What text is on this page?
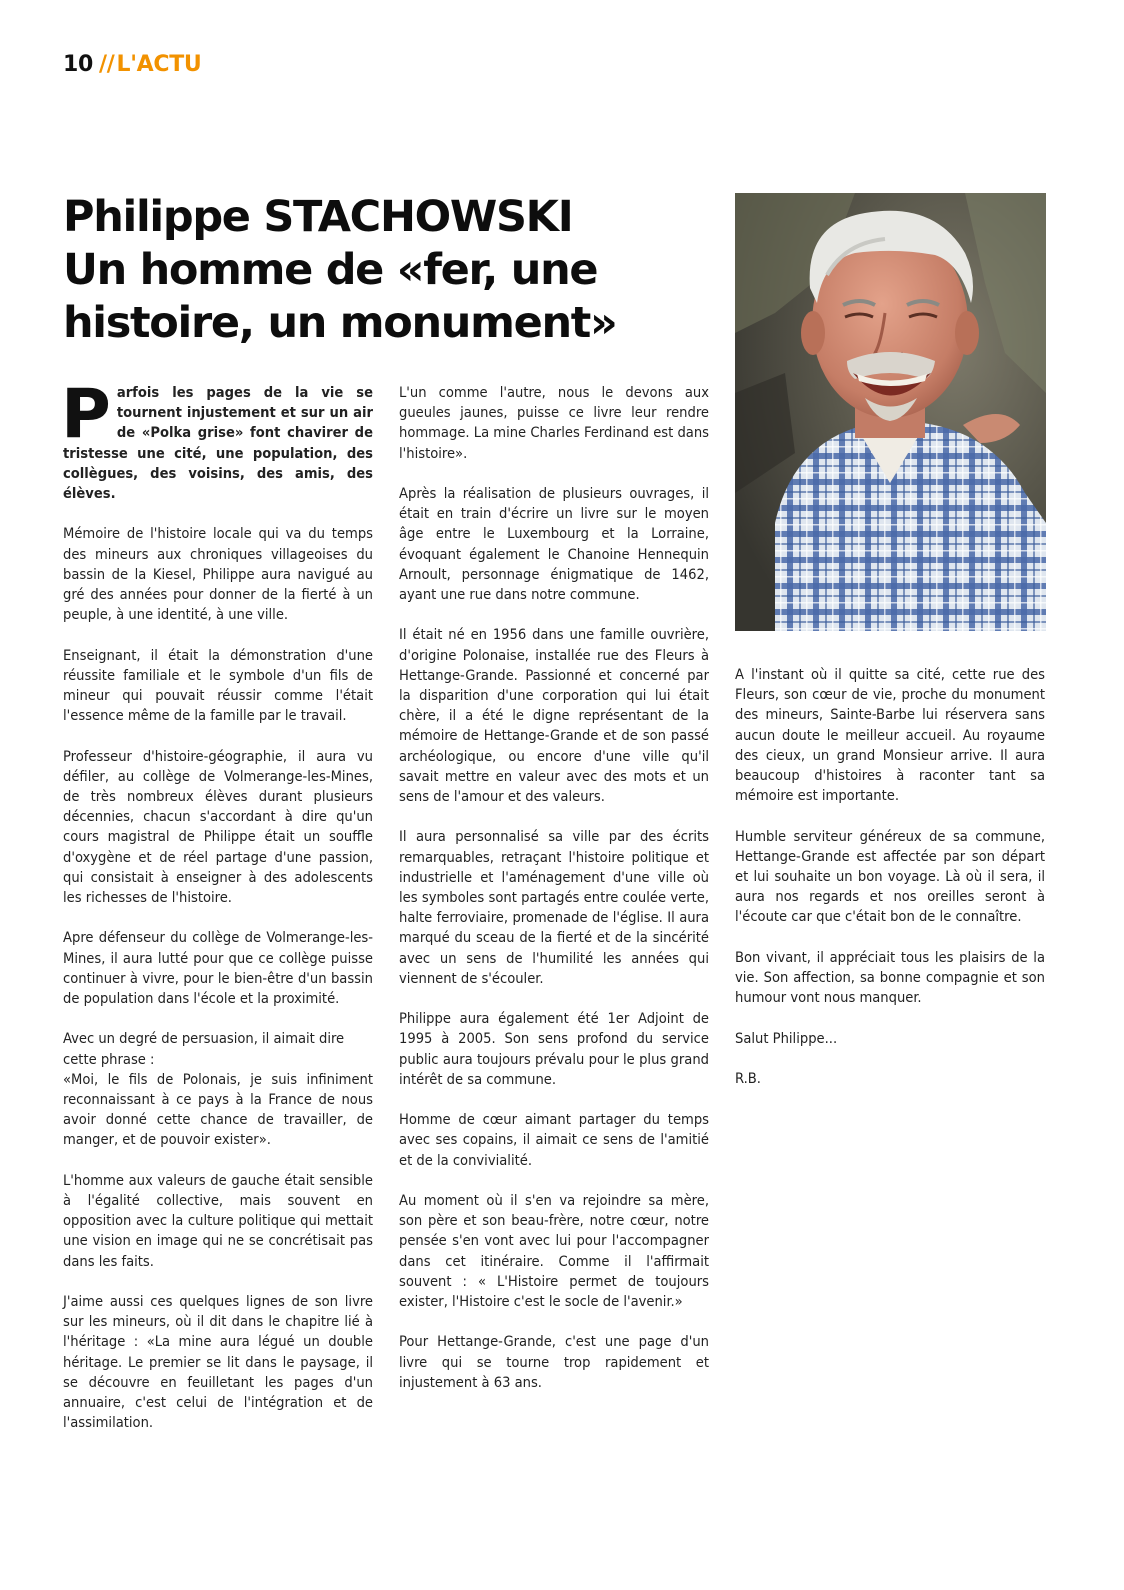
10 //L'ACTU
Philippe STACHOWSKI
Un homme de «fer, une
histoire, un monument»

Parfois les pages de la vie se tournent injustement et sur un air de «Polka grise» font chavirer de tristesse une cité, une population, des collègues, des voisins, des amis, des élèves.

Mémoire de l'histoire locale qui va du temps des mineurs aux chroniques villageoises du bassin de la Kiesel, Philippe aura navigué au gré des années pour donner de la fierté à un peuple, à une identité, à une ville.

Enseignant, il était la démonstration d'une réussite familiale et le symbole d'un fils de mineur qui pouvait réussir comme l'était l'essence même de la famille par le travail.

Professeur d'histoire-géographie, il aura vu défiler, au collège de Volmerange-les-Mines, de très nombreux élèves durant plusieurs décennies, chacun s'accordant à dire qu'un cours magistral de Philippe était un souffle d'oxygène et de réel partage d'une passion, qui consistait à enseigner à des adolescents les richesses de l'histoire.

Apre défenseur du collège de Volmerange-les-Mines, il aura lutté pour que ce collège puisse continuer à vivre, pour le bien-être d'un bassin de population dans l'école et la proximité.

Avec un degré de persuasion, il aimait dire cette phrase :

«Moi, le fils de Polonais, je suis infiniment reconnaissant à ce pays à la France de nous avoir donné cette chance de travailler, de manger, et de pouvoir exister».

L'homme aux valeurs de gauche était sensible à l'égalité collective, mais souvent en opposition avec la culture politique qui mettait une vision en image qui ne se concrétisait pas dans les faits.

J'aime aussi ces quelques lignes de son livre sur les mineurs, où il dit dans le chapitre lié à l'héritage : «La mine aura légué un double héritage. Le premier se lit dans le paysage, il se découvre en feuilletant les pages d'un annuaire, c'est celui de l'intégration et de l'assimilation.

L'un comme l'autre, nous le devons aux gueules jaunes, puisse ce livre leur rendre hommage. La mine Charles Ferdinand est dans l'histoire».

Après la réalisation de plusieurs ouvrages, il était en train d'écrire un livre sur le moyen âge entre le Luxembourg et la Lorraine, évoquant également le Chanoine Hennequin Arnoult, personnage énigmatique de 1462, ayant une rue dans notre commune.

Il était né en 1956 dans une famille ouvrière, d'origine Polonaise, installée rue des Fleurs à Hettange-Grande. Passionné et concerné par la disparition d'une corporation qui lui était chère, il a été le digne représentant de la mémoire de Hettange-Grande et de son passé archéologique, ou encore d'une ville qu'il savait mettre en valeur avec des mots et un sens de l'amour et des valeurs.

Il aura personnalisé sa ville par des écrits remarquables, retraçant l'histoire politique et industrielle et l'aménagement d'une ville où les symboles sont partagés entre coulée verte, halte ferroviaire, promenade de l'église. Il aura marqué du sceau de la fierté et de la sincérité avec un sens de l'humilité les années qui viennent de s'écouler.

Philippe aura également été 1er Adjoint de 1995 à 2005. Son sens profond du service public aura toujours prévalu pour le plus grand intérêt de sa commune.

Homme de cœur aimant partager du temps avec ses copains, il aimait ce sens de l'amitié et de la convivialité.

Au moment où il s'en va rejoindre sa mère, son père et son beau-frère, notre cœur, notre pensée s'en vont avec lui pour l'accompagner dans cet itinéraire. Comme il l'affirmait souvent : « L'Histoire permet de toujours exister, l'Histoire c'est le socle de l'avenir.»

Pour Hettange-Grande, c'est une page d'un livre qui se tourne trop rapidement et injustement à 63 ans.

A l'instant où il quitte sa cité, cette rue des Fleurs, son cœur de vie, proche du monument des mineurs, Sainte-Barbe lui réservera sans aucun doute le meilleur accueil. Au royaume des cieux, un grand Monsieur arrive. Il aura beaucoup d'histoires à raconter tant sa mémoire est importante.

Humble serviteur généreux de sa commune, Hettange-Grande est affectée par son départ et lui souhaite un bon voyage. Là où il sera, il aura nos regards et nos oreilles seront à l'écoute car que c'était bon de le connaître.

Bon vivant, il appréciait tous les plaisirs de la vie. Son affection, sa bonne compagnie et son humour vont nous manquer.

Salut Philippe...

R.B.
